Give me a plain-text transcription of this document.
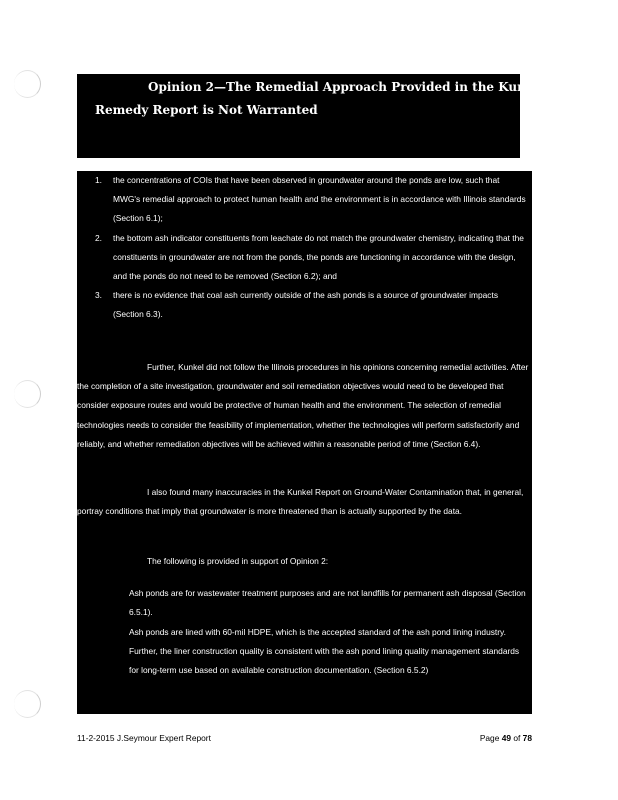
Opinion 2—The Remedial Approach Provided in the Kunkel
Remedy Report is Not Warranted
1. the concentrations of COIs that have been observed in groundwater around the ponds are low, such that MWG's remedial approach to protect human health and the environment is in accordance with Illinois standards (Section 6.1);
2. the bottom ash indicator constituents from leachate do not match the groundwater chemistry, indicating that the constituents in groundwater are not from the ponds, the ponds are functioning in accordance with the design, and the ponds do not need to be removed (Section 6.2); and
3. there is no evidence that coal ash currently outside of the ash ponds is a source of groundwater impacts (Section 6.3).

Further, Kunkel did not follow the Illinois procedures in his opinions concerning remedial activities. After the completion of a site investigation, groundwater and soil remediation objectives would need to be developed that consider exposure routes and would be protective of human health and the environment. The selection of remedial technologies needs to consider the feasibility of implementation, whether the technologies will perform satisfactorily and reliably, and whether remediation objectives will be achieved within a reasonable period of time (Section 6.4).

I also found many inaccuracies in the Kunkel Report on Ground-Water Contamination that, in general, portray conditions that imply that groundwater is more threatened than is actually supported by the data.

The following is provided in support of Opinion 2:

Ash ponds are for wastewater treatment purposes and are not landfills for permanent ash disposal (Section 6.5.1).

Ash ponds are lined with 60-mil HDPE, which is the accepted standard of the ash pond lining industry. Further, the liner construction quality is consistent with the ash pond lining quality management standards for long-term use based on available construction documentation. (Section 6.5.2)

11-2-2015 J.Seymour Expert Report	Page 49 of 78
